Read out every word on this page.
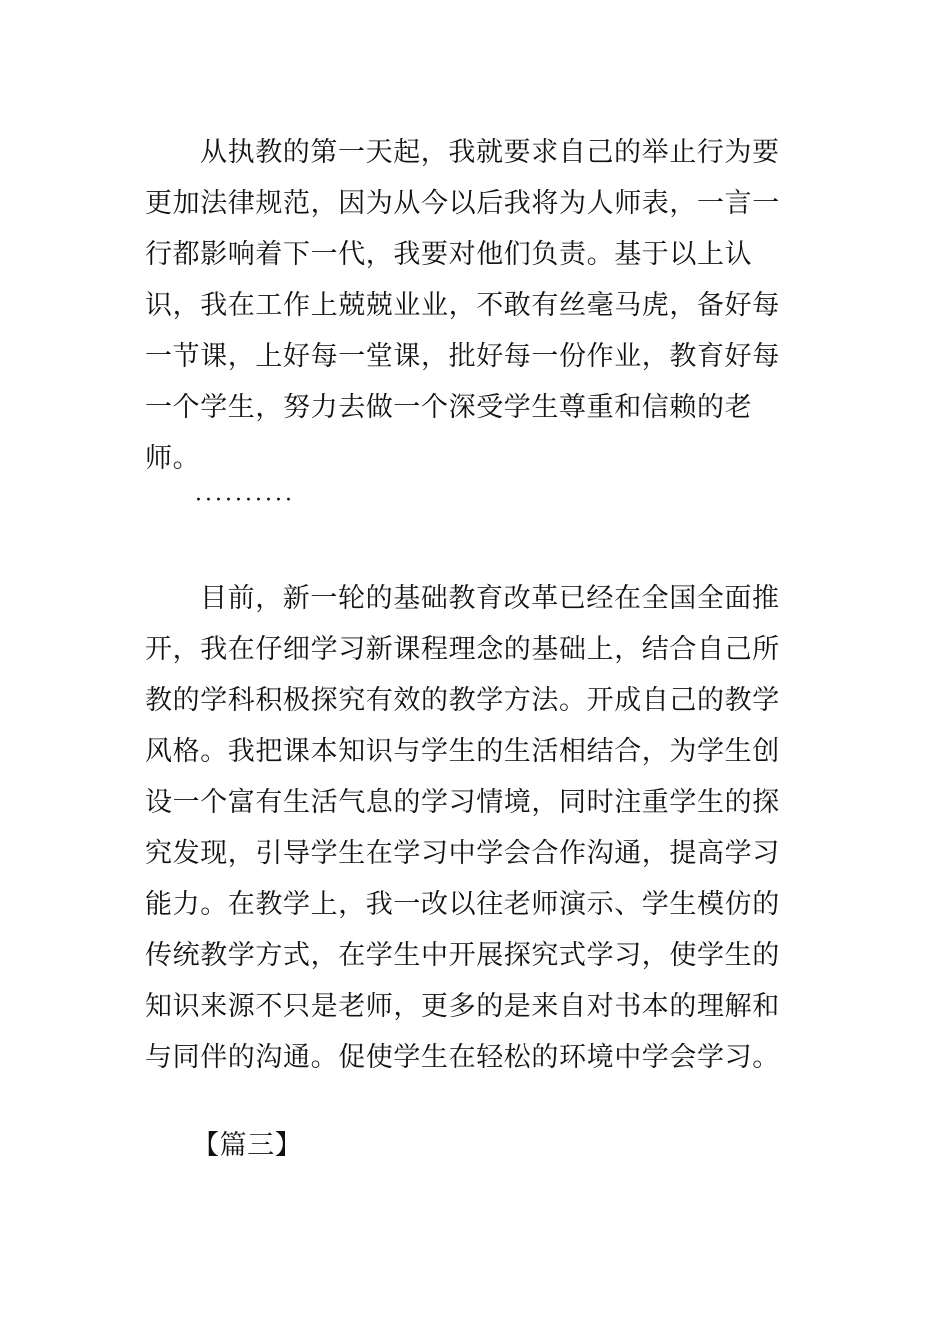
从执教的第一天起，我就要求自己的举止行为要更加法律规范，因为从今以后我将为人师表，一言一行都影响着下一代，我要对他们负责。基于以上认识，我在工作上兢兢业业，不敢有丝毫马虎，备好每一节课，上好每一堂课，批好每一份作业，教育好每一个学生，努力去做一个深受学生尊重和信赖的老师。

··········

目前，新一轮的基础教育改革已经在全国全面推开，我在仔细学习新课程理念的基础上，结合自己所教的学科积极探究有效的教学方法。开成自己的教学风格。我把课本知识与学生的生活相结合，为学生创设一个富有生活气息的学习情境，同时注重学生的探究发现，引导学生在学习中学会合作沟通，提高学习能力。在教学上，我一改以往老师演示、学生模仿的传统教学方式，在学生中开展探究式学习，使学生的知识来源不只是老师，更多的是来自对书本的理解和与同伴的沟通。促使学生在轻松的环境中学会学习。

【篇三】
